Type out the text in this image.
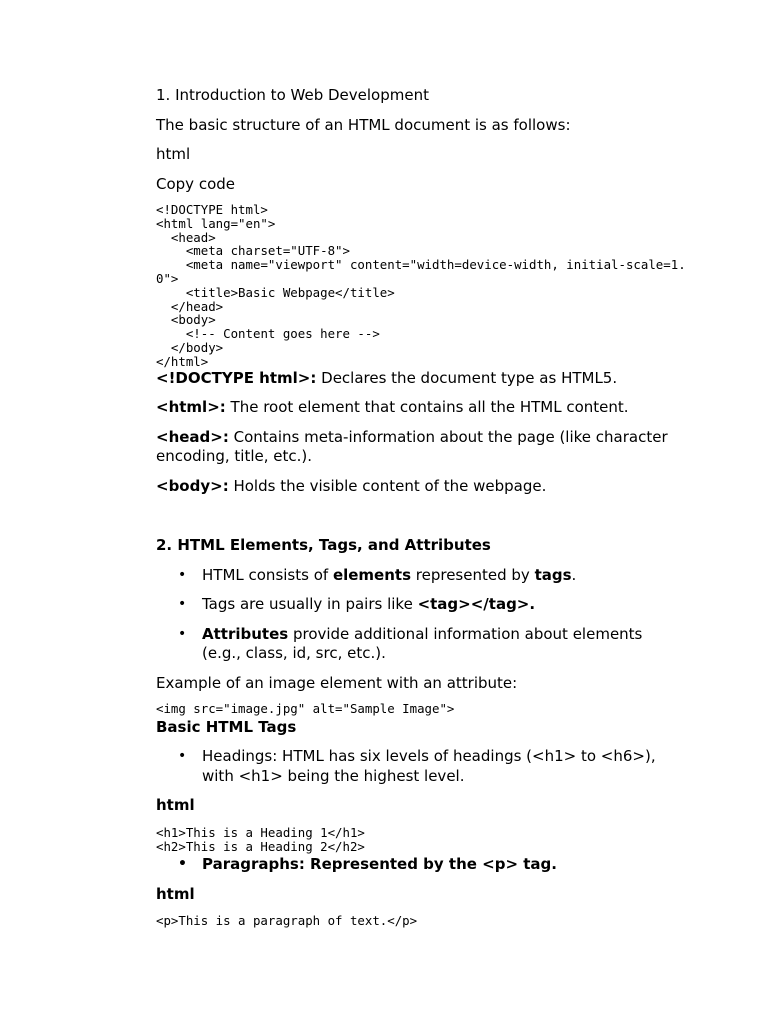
1. Introduction to Web Development

The basic structure of an HTML document is as follows:

html

Copy code

<!DOCTYPE html>
<html lang="en">
<head>
<meta charset="UTF-8">
<meta name="viewport" content="width=device-width, initial-scale=1.0">
<title>Basic Webpage</title>
</head>
<body>
<!-- Content goes here -->
</body>
</html>

<!DOCTYPE html>: Declares the document type as HTML5.

<html>: The root element that contains all the HTML content.

<head>: Contains meta-information about the page (like character encoding, title, etc.).

<body>: Holds the visible content of the webpage.

2. HTML Elements, Tags, and Attributes

• HTML consists of elements represented by tags.
• Tags are usually in pairs like <tag></tag>.
• Attributes provide additional information about elements (e.g., class, id, src, etc.).

Example of an image element with an attribute:

<img src="image.jpg" alt="Sample Image">

Basic HTML Tags

• Headings: HTML has six levels of headings (<h1> to <h6>), with <h1> being the highest level.

html

<h1>This is a Heading 1</h1>
<h2>This is a Heading 2</h2>
• Paragraphs: Represented by the <p> tag.

html

<p>This is a paragraph of text.</p>
